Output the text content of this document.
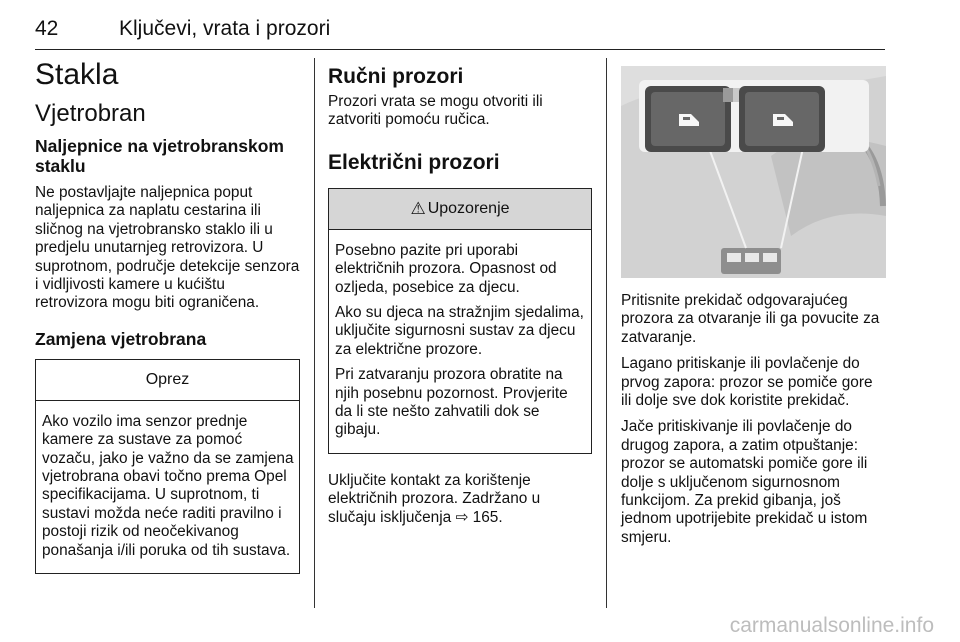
42	Ključevi, vrata i prozori
Stakla
Vjetrobran
Naljepnice na vjetrobranskom staklu

Ne postavljajte naljepnica poput naljepnica za naplatu cestarina ili sličnog na vjetrobransko staklo ili u predjelu unutarnjeg retrovizora. U suprotnom, područje detekcije senzora i vidljivosti kamere u kućištu retrovizora mogu biti ograničena.

Zamjena vjetrobrana
Oprez

Ako vozilo ima senzor prednje kamere za sustave za pomoć vozaču, jako je važno da se zamjena vjetrobrana obavi točno prema Opel specifikacijama. U suprotnom, ti sustavi možda neće raditi pravilno i postoji rizik od neočekivanog ponašanja i/ili poruka od tih sustava.

Ručni prozori

Prozori vrata se mogu otvoriti ili zatvoriti pomoću ručica.

Električni prozori
⚠ Upozorenje

Posebno pazite pri uporabi električnih prozora. Opasnost od ozljeda, posebice za djecu.

Ako su djeca na stražnjim sjedalima, uključite sigurnosni sustav za djecu za električne prozore.

Pri zatvaranju prozora obratite na njih posebnu pozornost. Provjerite da li ste nešto zahvatili dok se gibaju.

Uključite kontakt za korištenje električnih prozora. Zadržano u slučaju isključenja ⇨ 165.

Pritisnite prekidač odgovarajućeg prozora za otvaranje ili ga povucite za zatvaranje.

Lagano pritiskanje ili povlačenje do prvog zapora: prozor se pomiče gore ili dolje sve dok koristite prekidač.

Jače pritiskivanje ili povlačenje do drugog zapora, a zatim otpuštanje: prozor se automatski pomiče gore ili dolje s uključenom sigurnosnom funkcijom. Za prekid gibanja, još jednom upotrijebite prekidač u istom smjeru.

carmanualsonline.info
